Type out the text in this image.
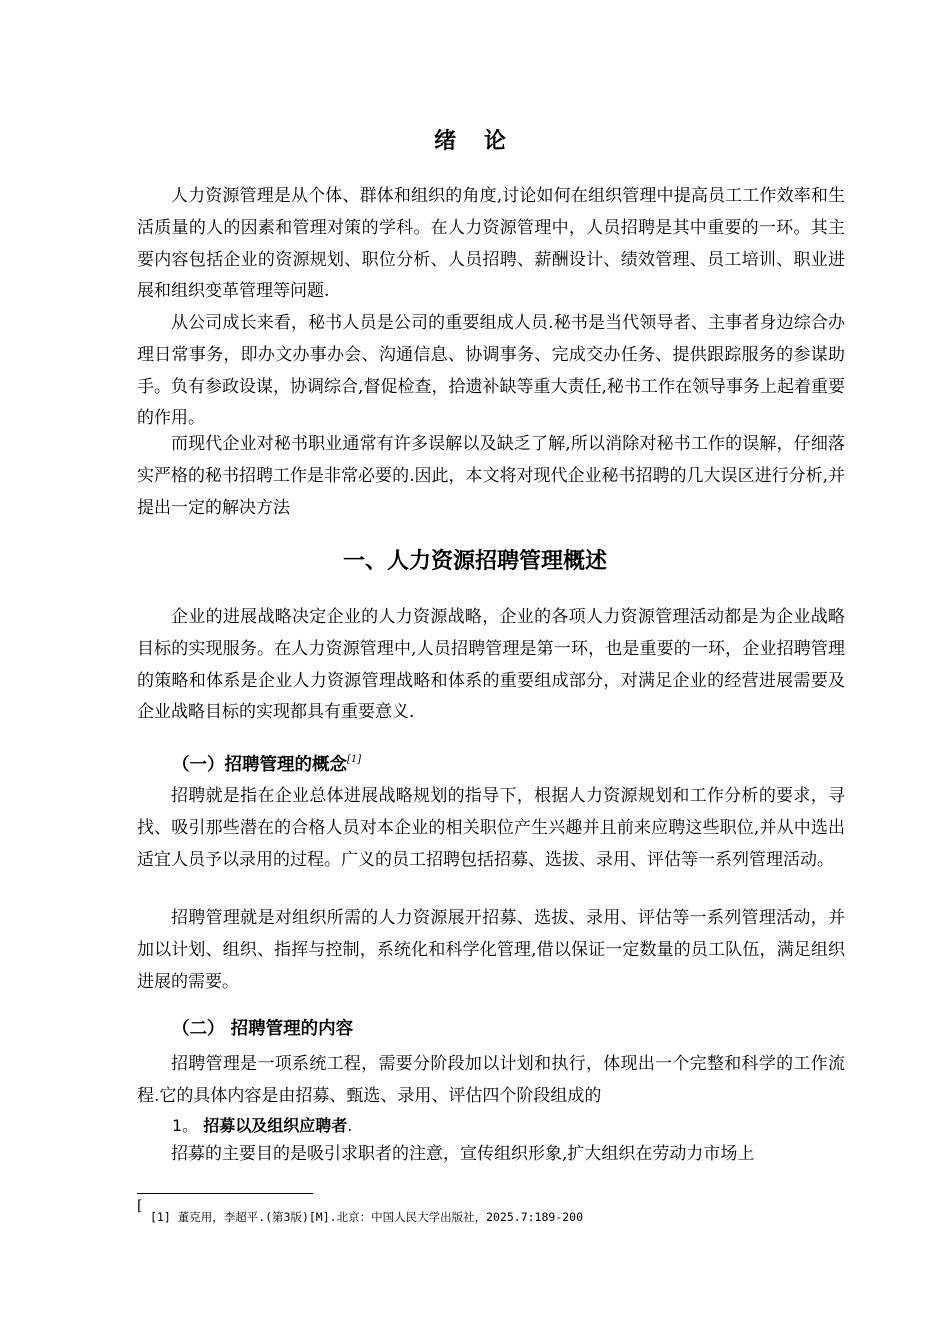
绪 论

人力资源管理是从个体、群体和组织的角度,讨论如何在组织管理中提高员工工作效率和生活质量的人的因素和管理对策的学科。在人力资源管理中，人员招聘是其中重要的一环。其主要内容包括企业的资源规划、职位分析、人员招聘、薪酬设计、绩效管理、员工培训、职业进展和组织变革管理等问题.

从公司成长来看，秘书人员是公司的重要组成人员.秘书是当代领导者、主事者身边综合办理日常事务，即办文办事办会、沟通信息、协调事务、完成交办任务、提供跟踪服务的参谋助手。负有参政设谋，协调综合,督促检查，拾遗补缺等重大责任,秘书工作在领导事务上起着重要的作用。

而现代企业对秘书职业通常有许多误解以及缺乏了解,所以消除对秘书工作的误解，仔细落实严格的秘书招聘工作是非常必要的.因此，本文将对现代企业秘书招聘的几大误区进行分析,并提出一定的解决方法

一、人力资源招聘管理概述

企业的进展战略决定企业的人力资源战略，企业的各项人力资源管理活动都是为企业战略目标的实现服务。在人力资源管理中,人员招聘管理是第一环，也是重要的一环，企业招聘管理的策略和体系是企业人力资源管理战略和体系的重要组成部分，对满足企业的经营进展需要及企业战略目标的实现都具有重要意义.

（一）招聘管理的概念[1]

招聘就是指在企业总体进展战略规划的指导下，根据人力资源规划和工作分析的要求，寻找、吸引那些潜在的合格人员对本企业的相关职位产生兴趣并且前来应聘这些职位,并从中选出适宜人员予以录用的过程。广义的员工招聘包括招募、选拔、录用、评估等一系列管理活动。

招聘管理就是对组织所需的人力资源展开招募、选拔、录用、评估等一系列管理活动，并加以计划、组织、指挥与控制，系统化和科学化管理,借以保证一定数量的员工队伍，满足组织进展的需要。

（二） 招聘管理的内容

招聘管理是一项系统工程，需要分阶段加以计划和执行，体现出一个完整和科学的工作流程.它的具体内容是由招募、甄选、录用、评估四个阶段组成的

1。 招募以及组织应聘者.

招募的主要目的是吸引求职者的注意，宣传组织形象,扩大组织在劳动力市场上

[
[1] 董克用，李超平.(第3版)[M].北京：中国人民大学出版社，2025.7:189-200
